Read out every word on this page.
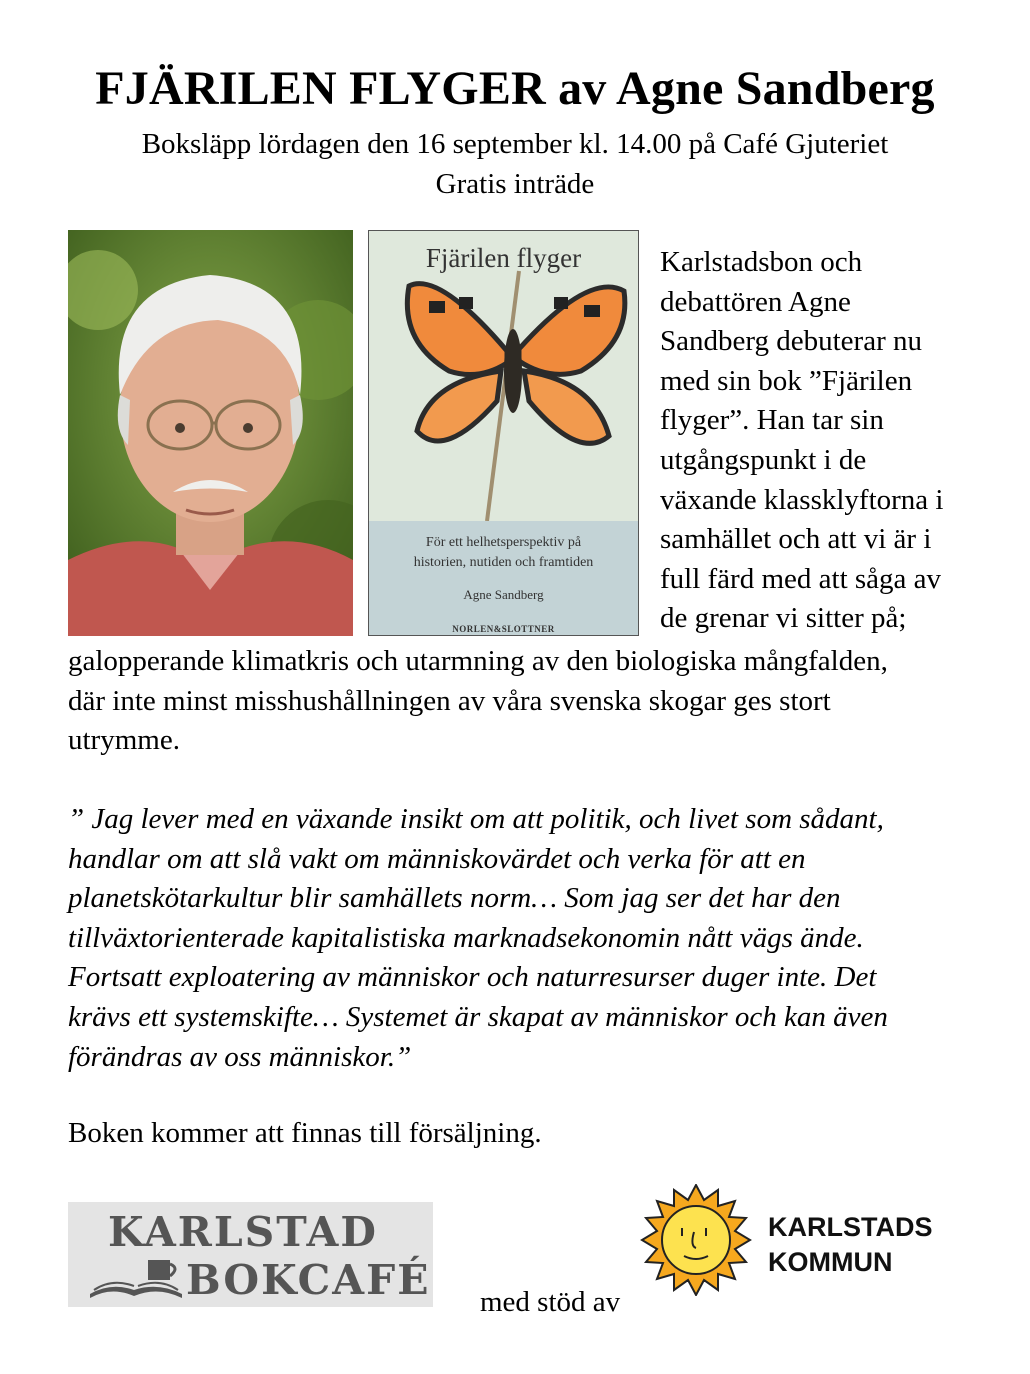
FJÄRILEN FLYGER av Agne Sandberg
Boksläpp lördagen den 16 september kl. 14.00 på Café Gjuteriet
Gratis inträde
Fjärilen flyger
För ett helhetsperspektiv på
historien, nutiden och framtiden
Agne Sandberg
NORLEN&SLOTTNER
Karlstadsbon och
debattören Agne
Sandberg debuterar nu
med sin bok ”Fjärilen
flyger”. Han tar sin
utgångspunkt i de
växande klassklyftorna i
samhället och att vi är i
full färd med att såga av
de grenar vi sitter på;
galopperande klimatkris och utarmning av den biologiska mångfalden,
där inte minst misshushållningen av våra svenska skogar ges stort
utrymme.
” Jag lever med en växande insikt om att politik, och livet som sådant,
handlar om att slå vakt om människovärdet och verka för att en
planetskötarkultur blir samhällets norm… Som jag ser det har den
tillväxtorienterade kapitalistiska marknadsekonomin nått vägs ände.
Fortsatt exploatering av människor och naturresurser duger inte. Det
krävs ett systemskifte… Systemet är skapat av människor och kan även
förändras av oss människor.”
Boken kommer att finnas till försäljning.
KARLSTAD
BOKCAFÉ med stöd av
KARLSTADS
KOMMUN
